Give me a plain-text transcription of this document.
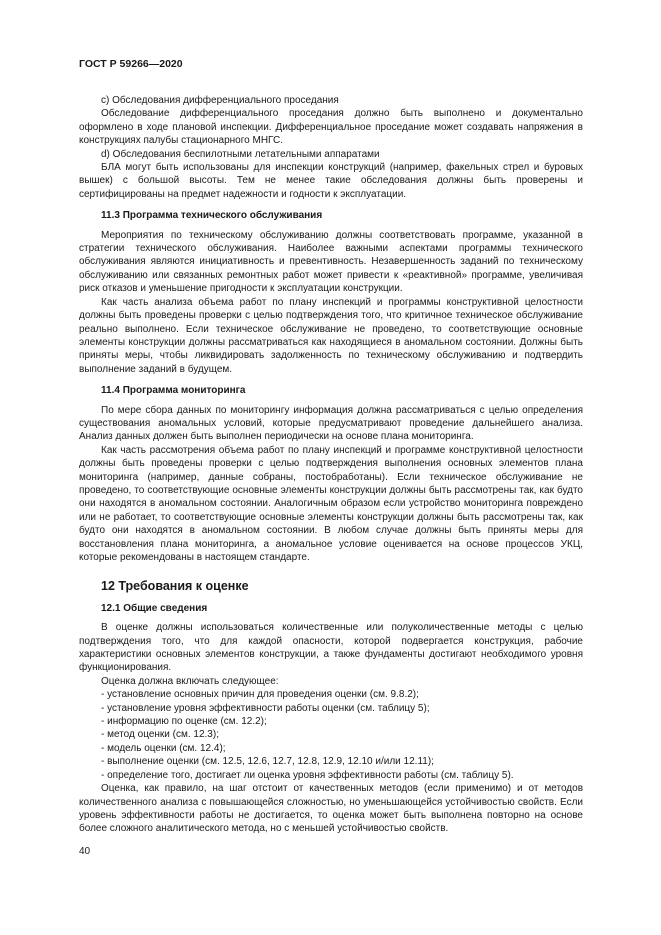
ГОСТ Р 59266—2020

c) Обследования дифференциального проседания

Обследование дифференциального проседания должно быть выполнено и документально оформлено в ходе плановой инспекции. Дифференциальное проседание может создавать напряжения в конструкциях палубы стационарного МНГС.

d) Обследования беспилотными летательными аппаратами

БЛА могут быть использованы для инспекции конструкций (например, факельных стрел и буровых вышек) с большой высоты. Тем не менее такие обследования должны быть проверены и сертифицированы на предмет надежности и годности к эксплуатации.

11.3 Программа технического обслуживания

Мероприятия по техническому обслуживанию должны соответствовать программе, указанной в стратегии технического обслуживания. Наиболее важными аспектами программы технического обслуживания являются инициативность и превентивность. Незавершенность заданий по техническому обслуживанию или связанных ремонтных работ может привести к «реактивной» программе, увеличивая риск отказов и уменьшение пригодности к эксплуатации конструкции.

Как часть анализа объема работ по плану инспекций и программы конструктивной целостности должны быть проведены проверки с целью подтверждения того, что критичное техническое обслуживание реально выполнено. Если техническое обслуживание не проведено, то соответствующие основные элементы конструкции должны рассматриваться как находящиеся в аномальном состоянии. Должны быть приняты меры, чтобы ликвидировать задолженность по техническому обслуживанию и подтвердить выполнение заданий в будущем.

11.4 Программа мониторинга

По мере сбора данных по мониторингу информация должна рассматриваться с целью определения существования аномальных условий, которые предусматривают проведение дальнейшего анализа. Анализ данных должен быть выполнен периодически на основе плана мониторинга.

Как часть рассмотрения объема работ по плану инспекций и программе конструктивной целостности должны быть проведены проверки с целью подтверждения выполнения основных элементов плана мониторинга (например, данные собраны, постобработаны). Если техническое обслуживание не проведено, то соответствующие основные элементы конструкции должны быть рассмотрены так, как будто они находятся в аномальном состоянии. Аналогичным образом если устройство мониторинга повреждено или не работает, то соответствующие основные элементы конструкции должны быть рассмотрены так, как будто они находятся в аномальном состоянии. В любом случае должны быть приняты меры для восстановления плана мониторинга, а аномальное условие оценивается на основе процессов УКЦ, которые рекомендованы в настоящем стандарте.

12 Требования к оценке
12.1 Общие сведения

В оценке должны использоваться количественные или полуколичественные методы с целью подтверждения того, что для каждой опасности, которой подвергается конструкция, рабочие характеристики основных элементов конструкции, а также фундаменты достигают необходимого уровня функционирования.

Оценка должна включать следующее:

- установление основных причин для проведения оценки (см. 9.8.2);
- установление уровня эффективности работы оценки (см. таблицу 5);
- информацию по оценке (см. 12.2);
- метод оценки (см. 12.3);
- модель оценки (см. 12.4);
- выполнение оценки (см. 12.5, 12.6, 12.7, 12.8, 12.9, 12.10 и/или 12.11);
- определение того, достигает ли оценка уровня эффективности работы (см. таблицу 5).

Оценка, как правило, на шаг отстоит от качественных методов (если применимо) и от методов количественного анализа с повышающейся сложностью, но уменьшающейся устойчивостью свойств. Если уровень эффективности работы не достигается, то оценка может быть выполнена повторно на основе более сложного аналитического метода, но с меньшей устойчивостью свойств.

40
